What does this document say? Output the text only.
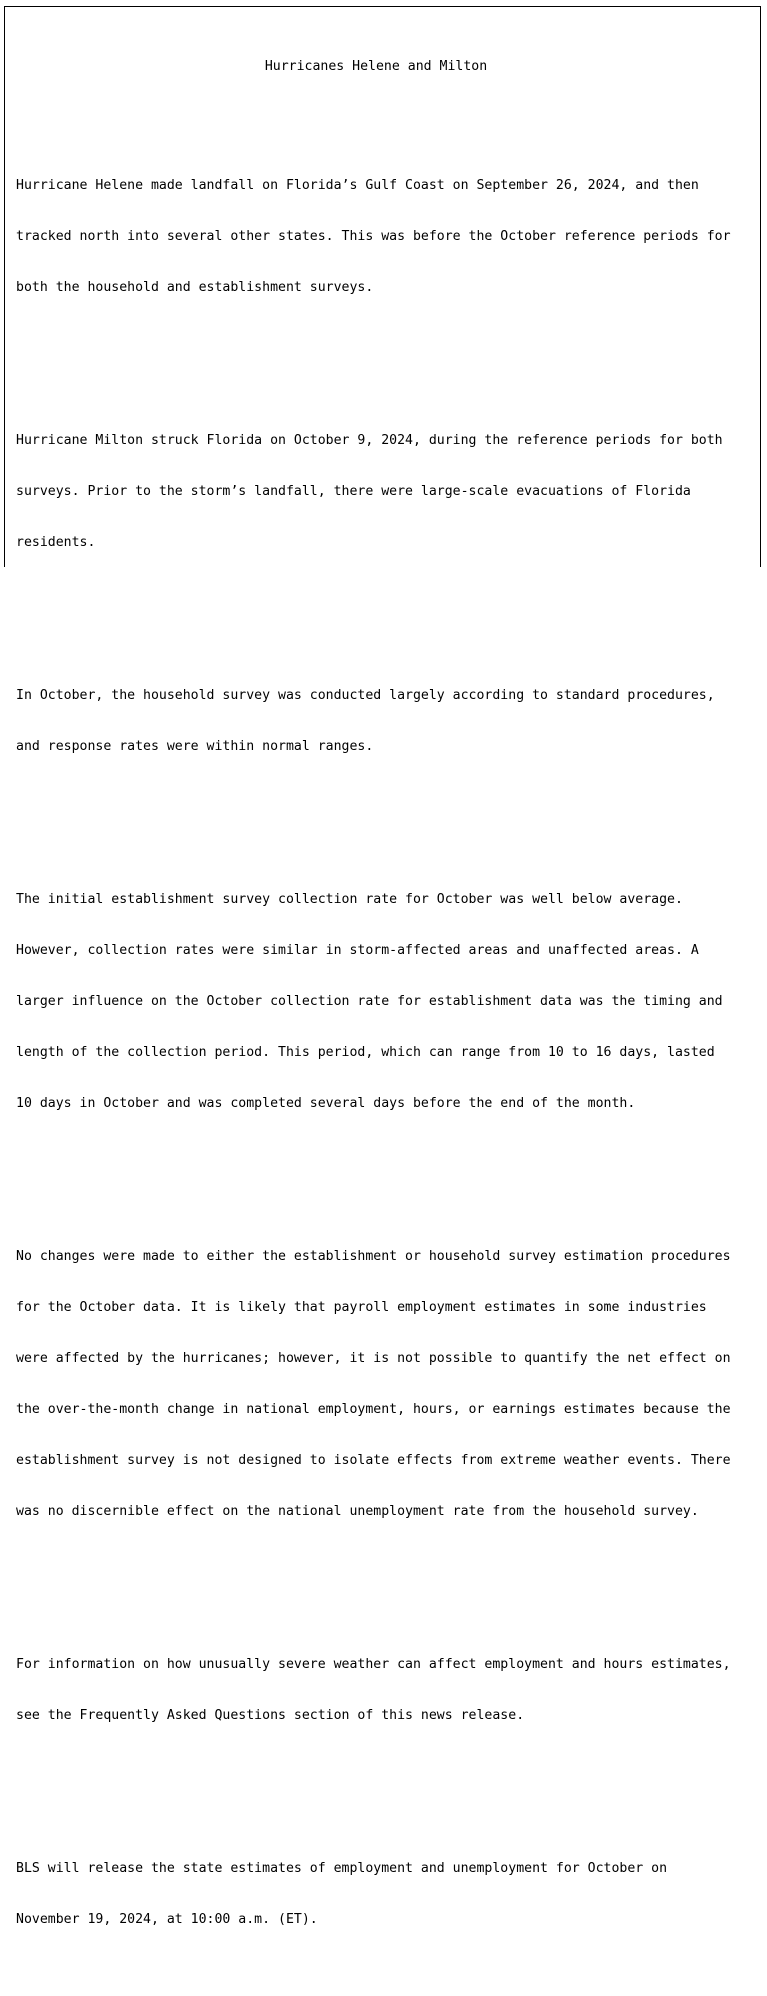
Hurricanes Helene and Milton

Hurricane Helene made landfall on Florida’s Gulf Coast on September 26, 2024, and then

tracked north into several other states. This was before the October reference periods for

both the household and establishment surveys.

Hurricane Milton struck Florida on October 9, 2024, during the reference periods for both

surveys. Prior to the storm’s landfall, there were large-scale evacuations of Florida

residents.

In October, the household survey was conducted largely according to standard procedures,

and response rates were within normal ranges.

The initial establishment survey collection rate for October was well below average.

However, collection rates were similar in storm-affected areas and unaffected areas. A

larger influence on the October collection rate for establishment data was the timing and

length of the collection period. This period, which can range from 10 to 16 days, lasted

10 days in October and was completed several days before the end of the month.

No changes were made to either the establishment or household survey estimation procedures

for the October data. It is likely that payroll employment estimates in some industries

were affected by the hurricanes; however, it is not possible to quantify the net effect on

the over-the-month change in national employment, hours, or earnings estimates because the

establishment survey is not designed to isolate effects from extreme weather events. There

was no discernible effect on the national unemployment rate from the household survey.

For information on how unusually severe weather can affect employment and hours estimates,

see the Frequently Asked Questions section of this news release.

BLS will release the state estimates of employment and unemployment for October on

November 19, 2024, at 10:00 a.m. (ET).
